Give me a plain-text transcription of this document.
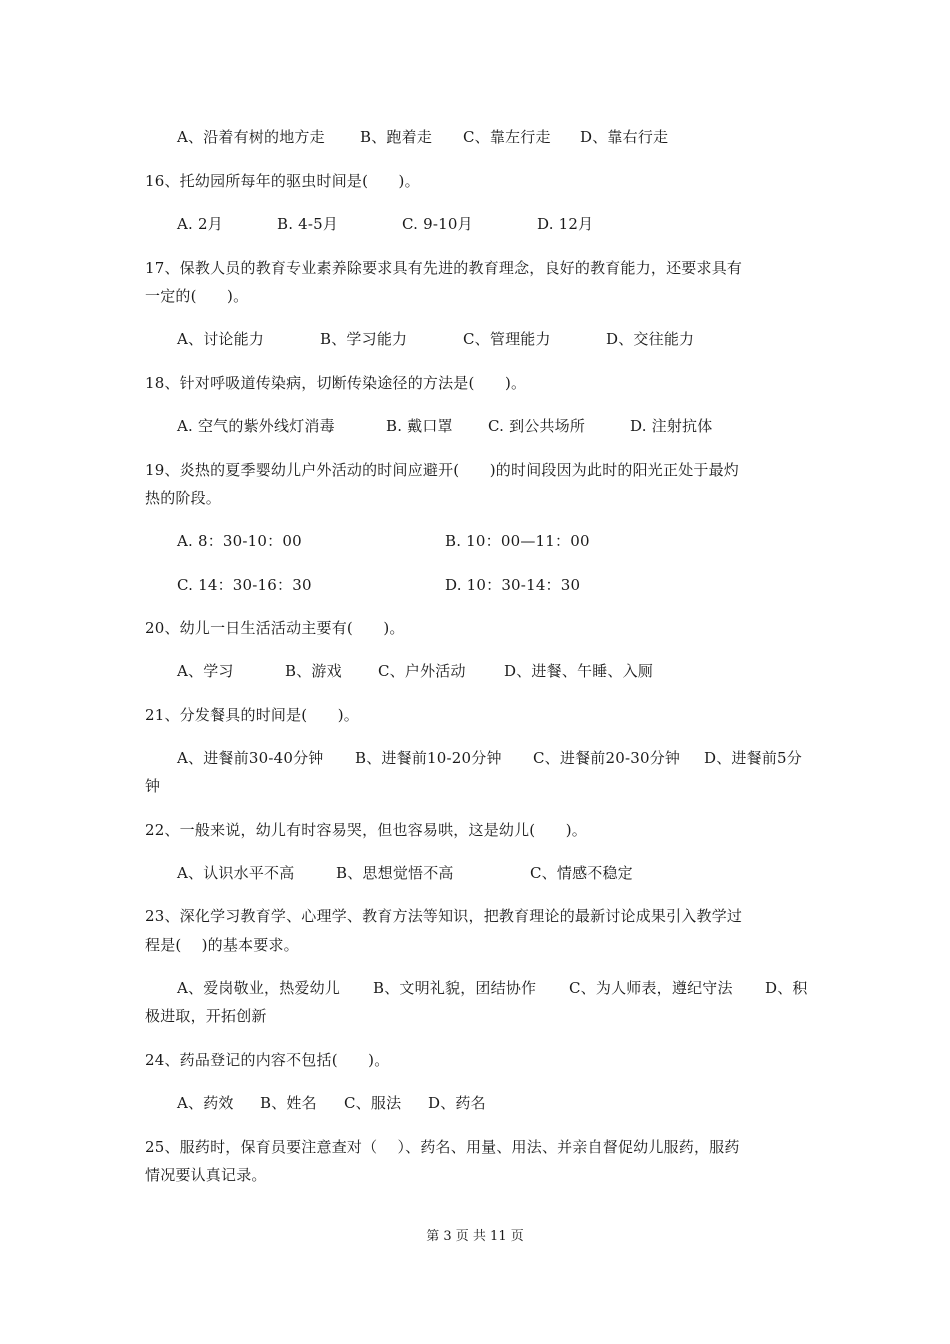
A、沿着有树的地方走 B、跑着走 C、靠左行走 D、靠右行走
16、托幼园所每年的驱虫时间是(　　)。
A. 2月	B. 4-5月	C. 9-10月	D. 12月
17、保教人员的教育专业素养除要求具有先进的教育理念，良好的教育能力，还要求具有
一定的(　　)。
A、讨论能力	B、学习能力	C、管理能力	D、交往能力
18、针对呼吸道传染病，切断传染途径的方法是(　　)。
A. 空气的紫外线灯消毒	B. 戴口罩 C. 到公共场所	D. 注射抗体
19、炎热的夏季婴幼儿户外活动的时间应避开(　　)的时间段因为此时的阳光正处于最灼
热的阶段。
A. 8：30-10：00	B. 10：00—11：00
C. 14：30-16：30	D. 10：30-14：30
20、幼儿一日生活活动主要有(　　)。
A、学习	B、游戏 C、户外活动	D、进餐、午睡、入厕
21、分发餐具的时间是(　　)。
A、进餐前30-40分钟 B、进餐前10-20分钟 C、进餐前20-30分钟 D、进餐前5分
钟
22、一般来说，幼儿有时容易哭，但也容易哄，这是幼儿(　　)。
A、认识水平不高	B、思想觉悟不高	C、情感不稳定
23、深化学习教育学、心理学、教育方法等知识，把教育理论的最新讨论成果引入教学过
程是(　 )的基本要求。
A、爱岗敬业，热爱幼儿 B、文明礼貌，团结协作 C、为人师表，遵纪守法 D、积
极进取，开拓创新
24、药品登记的内容不包括(　　)。
A、药效 B、姓名 C、服法 D、药名
25、服药时，保育员要注意查对（　 ）、药名、用量、用法、并亲自督促幼儿服药，服药
情况要认真记录。
第 3 页 共 11 页
